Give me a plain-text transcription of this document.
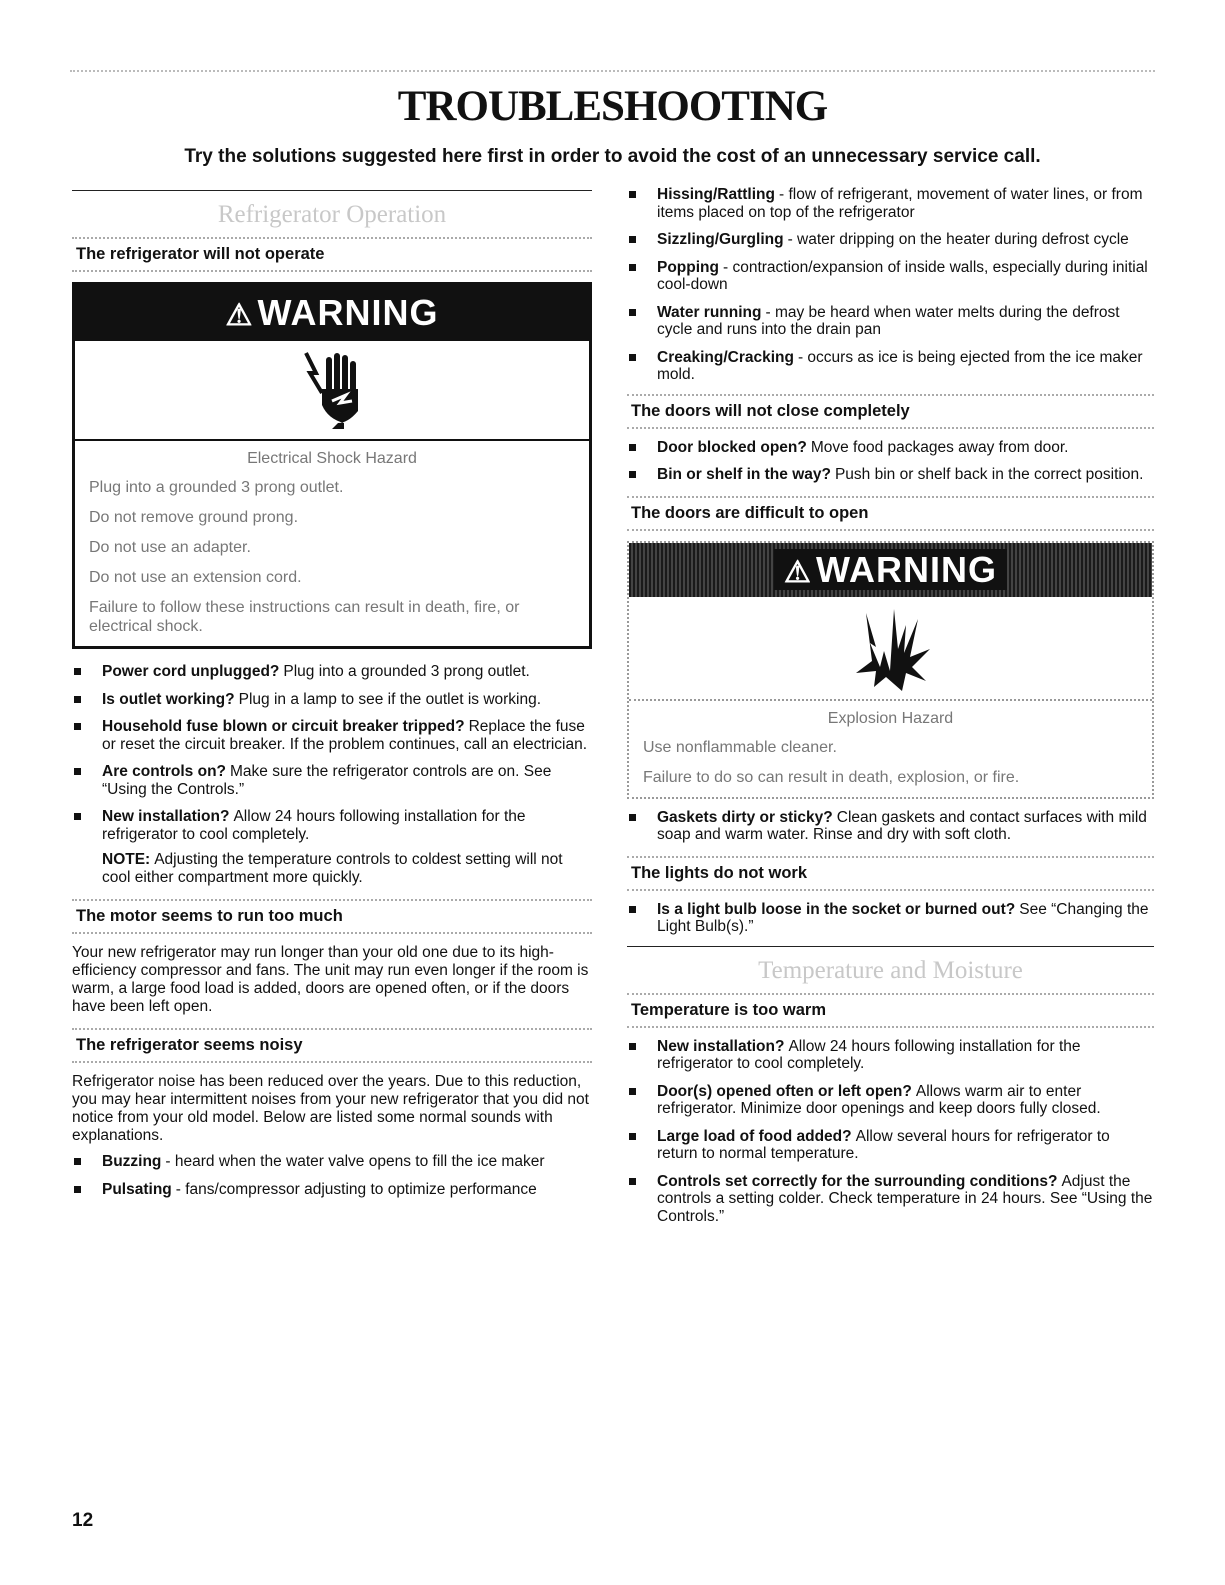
TROUBLESHOOTING

Try the solutions suggested here first in order to avoid the cost of an unnecessary service call.

Refrigerator Operation
The refrigerator will not operate
⚠ WARNING
Electrical Shock Hazard
Plug into a grounded 3 prong outlet.
Do not remove ground prong.
Do not use an adapter.
Do not use an extension cord.
Failure to follow these instructions can result in death, fire, or electrical shock.
Power cord unplugged? Plug into a grounded 3 prong outlet.
Is outlet working? Plug in a lamp to see if the outlet is working.
Household fuse blown or circuit breaker tripped? Replace the fuse or reset the circuit breaker. If the problem continues, call an electrician.
Are controls on? Make sure the refrigerator controls are on. See “Using the Controls.”
New installation? Allow 24 hours following installation for the refrigerator to cool completely.
NOTE: Adjusting the temperature controls to coldest setting will not cool either compartment more quickly.
The motor seems to run too much

Your new refrigerator may run longer than your old one due to its high-efficiency compressor and fans. The unit may run even longer if the room is warm, a large food load is added, doors are opened often, or if the doors have been left open.

The refrigerator seems noisy

Refrigerator noise has been reduced over the years. Due to this reduction, you may hear intermittent noises from your new refrigerator that you did not notice from your old model. Below are listed some normal sounds with explanations.

Buzzing - heard when the water valve opens to fill the ice maker
Pulsating - fans/compressor adjusting to optimize performance
Hissing/Rattling - flow of refrigerant, movement of water lines, or from items placed on top of the refrigerator
Sizzling/Gurgling - water dripping on the heater during defrost cycle
Popping - contraction/expansion of inside walls, especially during initial cool-down
Water running - may be heard when water melts during the defrost cycle and runs into the drain pan
Creaking/Cracking - occurs as ice is being ejected from the ice maker mold.
The doors will not close completely
Door blocked open? Move food packages away from door.
Bin or shelf in the way? Push bin or shelf back in the correct position.
The doors are difficult to open
⚠ WARNING
Explosion Hazard
Use nonflammable cleaner.
Failure to do so can result in death, explosion, or fire.
Gaskets dirty or sticky? Clean gaskets and contact surfaces with mild soap and warm water. Rinse and dry with soft cloth.
The lights do not work
Is a light bulb loose in the socket or burned out? See “Changing the Light Bulb(s).”
Temperature and Moisture
Temperature is too warm
New installation? Allow 24 hours following installation for the refrigerator to cool completely.
Door(s) opened often or left open? Allows warm air to enter refrigerator. Minimize door openings and keep doors fully closed.
Large load of food added? Allow several hours for refrigerator to return to normal temperature.
Controls set correctly for the surrounding conditions? Adjust the controls a setting colder. Check temperature in 24 hours. See “Using the Controls.”
12
